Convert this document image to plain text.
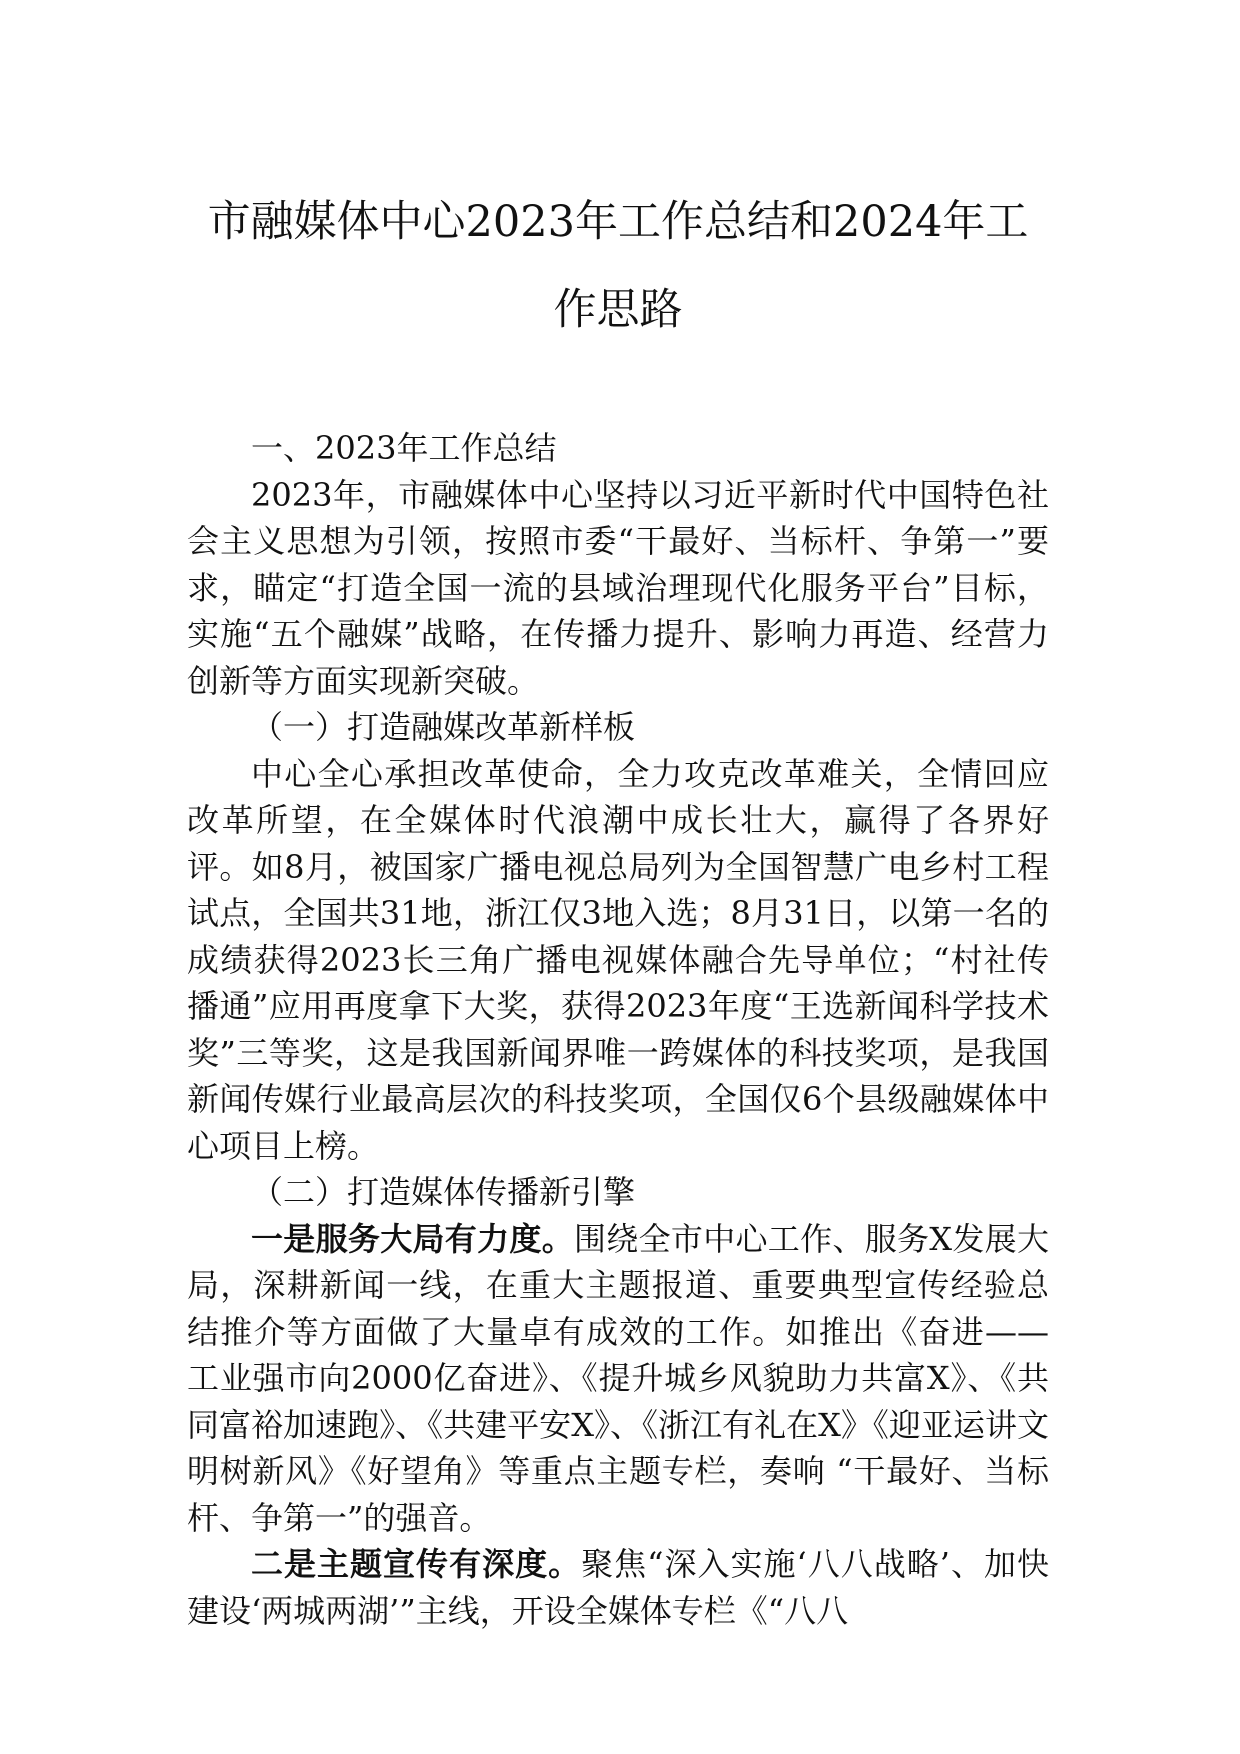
市融媒体中心2023年工作总结和2024年工
作思路

一、2023年工作总结

2023年，市融媒体中心坚持以习近平新时代中国特色社会主义思想为引领，按照市委“干最好、当标杆、争第一”要求，瞄定“打造全国一流的县域治理现代化服务平台”目标，实施“五个融媒”战略，在传播力提升、影响力再造、经营力创新等方面实现新突破。

（一）打造融媒改革新样板

中心全心承担改革使命，全力攻克改革难关，全情回应改革所望，在全媒体时代浪潮中成长壮大，赢得了各界好评。如8月，被国家广播电视总局列为全国智慧广电乡村工程试点，全国共31地，浙江仅3地入选；8月31日，以第一名的成绩获得2023长三角广播电视媒体融合先导单位；“村社传播通”应用再度拿下大奖，获得2023年度“王选新闻科学技术奖”三等奖，这是我国新闻界唯一跨媒体的科技奖项，是我国新闻传媒行业最高层次的科技奖项，全国仅6个县级融媒体中心项目上榜。

（二）打造媒体传播新引擎

一是服务大局有力度。围绕全市中心工作、服务X发展大局，深耕新闻一线，在重大主题报道、重要典型宣传经验总结推介等方面做了大量卓有成效的工作。如推出《奋进——工业强市向2000亿奋进》、《提升城乡风貌助力共富X》、《共同富裕加速跑》、《共建平安X》、《浙江有礼在X》《迎亚运讲文明树新风》《好望角》等重点主题专栏，奏响 “干最好、当标杆、争第一”的强音。

二是主题宣传有深度。聚焦“深入实施‘八八战略’、加快建设‘两城两湖’”主线，开设全媒体专栏《“八八
